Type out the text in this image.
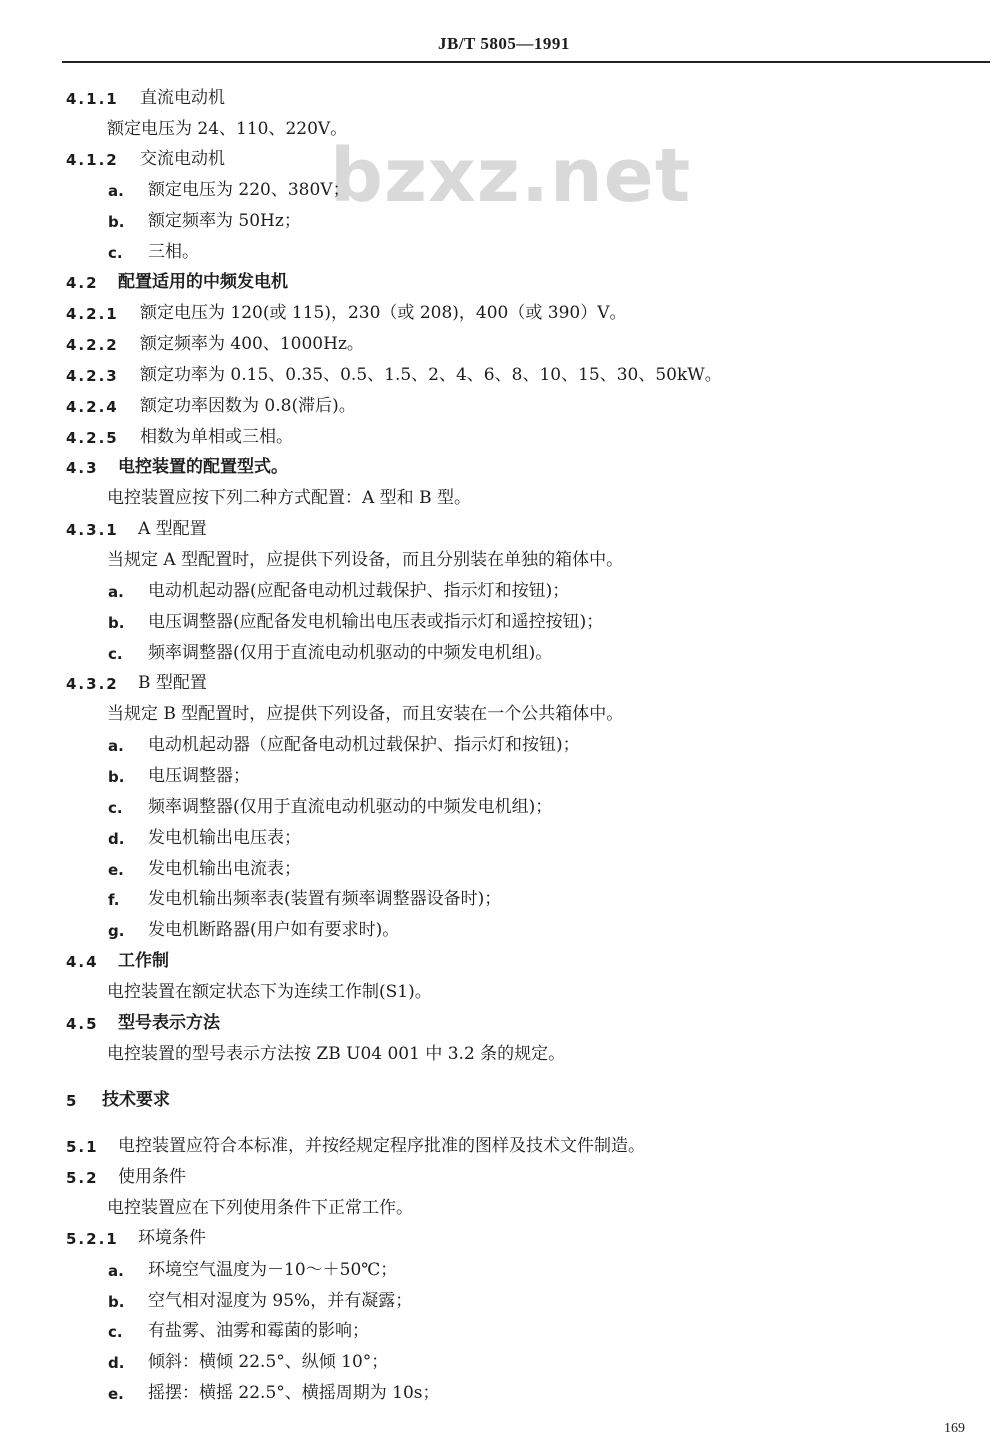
JB/T 5805—1991
bzxz.net
4.1.1 直流电动机
额定电压为 24、110、220V。
4.1.2 交流电动机
a.	额定电压为 220、380V；
b.	额定频率为 50Hz；
c.	三相。
4.2 配置适用的中频发电机
4.2.1 额定电压为 120(或 115)，230（或 208)，400（或 390）V。
4.2.2 额定频率为 400、1000Hz。
4.2.3 额定功率为 0.15、0.35、0.5、1.5、2、4、6、8、10、15、30、50kW。
4.2.4 额定功率因数为 0.8(滞后)。
4.2.5 相数为单相或三相。
4.3 电控装置的配置型式。
电控装置应按下列二种方式配置：A 型和 B 型。
4.3.1 A 型配置
当规定 A 型配置时，应提供下列设备，而且分别装在单独的箱体中。
a.	电动机起动器(应配备电动机过载保护、指示灯和按钮)；
b.	电压调整器(应配备发电机输出电压表或指示灯和遥控按钮)；
c.	频率调整器(仅用于直流电动机驱动的中频发电机组)。
4.3.2 B 型配置
当规定 B 型配置时，应提供下列设备，而且安装在一个公共箱体中。
a.	电动机起动器（应配备电动机过载保护、指示灯和按钮)；
b.	电压调整器；
c.	频率调整器(仅用于直流电动机驱动的中频发电机组)；
d.	发电机输出电压表；
e.	发电机输出电流表；
f.	发电机输出频率表(装置有频率调整器设备时)；
g.	发电机断路器(用户如有要求时)。
4.4 工作制
电控装置在额定状态下为连续工作制(S1)。
4.5 型号表示方法
电控装置的型号表示方法按 ZB U04 001 中 3.2 条的规定。
5 技术要求
5.1 电控装置应符合本标准，并按经规定程序批准的图样及技术文件制造。
5.2 使用条件
电控装置应在下列使用条件下正常工作。
5.2.1 环境条件
a.	环境空气温度为－10～＋50℃；
b.	空气相对湿度为 95%，并有凝露；
c.	有盐雾、油雾和霉菌的影响；
d.	倾斜：横倾 22.5°、纵倾 10°；
e.	摇摆：横摇 22.5°、横摇周期为 10s；
169
